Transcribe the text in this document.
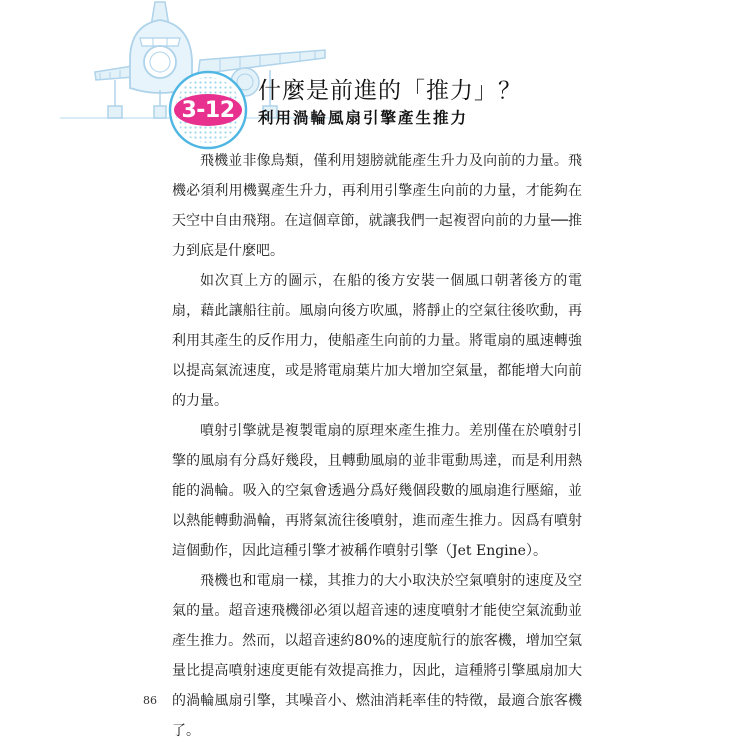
3-12
什麼是前進的「推力」？
利用渦輪風扇引擎產生推力

飛機並非像鳥類，僅利用翅膀就能產生升力及向前的力量。飛機必須利用機翼產生升力，再利用引擎產生向前的力量，才能夠在天空中自由飛翔。在這個章節，就讓我們一起複習向前的力量──推力到底是什麼吧。

如次頁上方的圖示，在船的後方安裝一個風口朝著後方的電扇，藉此讓船往前。風扇向後方吹風，將靜止的空氣往後吹動，再利用其產生的反作用力，使船產生向前的力量。將電扇的風速轉強以提高氣流速度，或是將電扇葉片加大增加空氣量，都能增大向前的力量。

噴射引擎就是複製電扇的原理來產生推力。差別僅在於噴射引擎的風扇有分爲好幾段，且轉動風扇的並非電動馬達，而是利用熱能的渦輪。吸入的空氣會透過分爲好幾個段數的風扇進行壓縮，並以熱能轉動渦輪，再將氣流往後噴射，進而產生推力。因爲有噴射這個動作，因此這種引擎才被稱作噴射引擎（Jet Engine）。

飛機也和電扇一樣，其推力的大小取決於空氣噴射的速度及空氣的量。超音速飛機卻必須以超音速的速度噴射才能使空氣流動並產生推力。然而，以超音速約80%的速度航行的旅客機，增加空氣量比提高噴射速度更能有效提高推力，因此，這種將引擎風扇加大的渦輪風扇引擎，其噪音小、燃油消耗率佳的特徵，最適合旅客機了。

86
